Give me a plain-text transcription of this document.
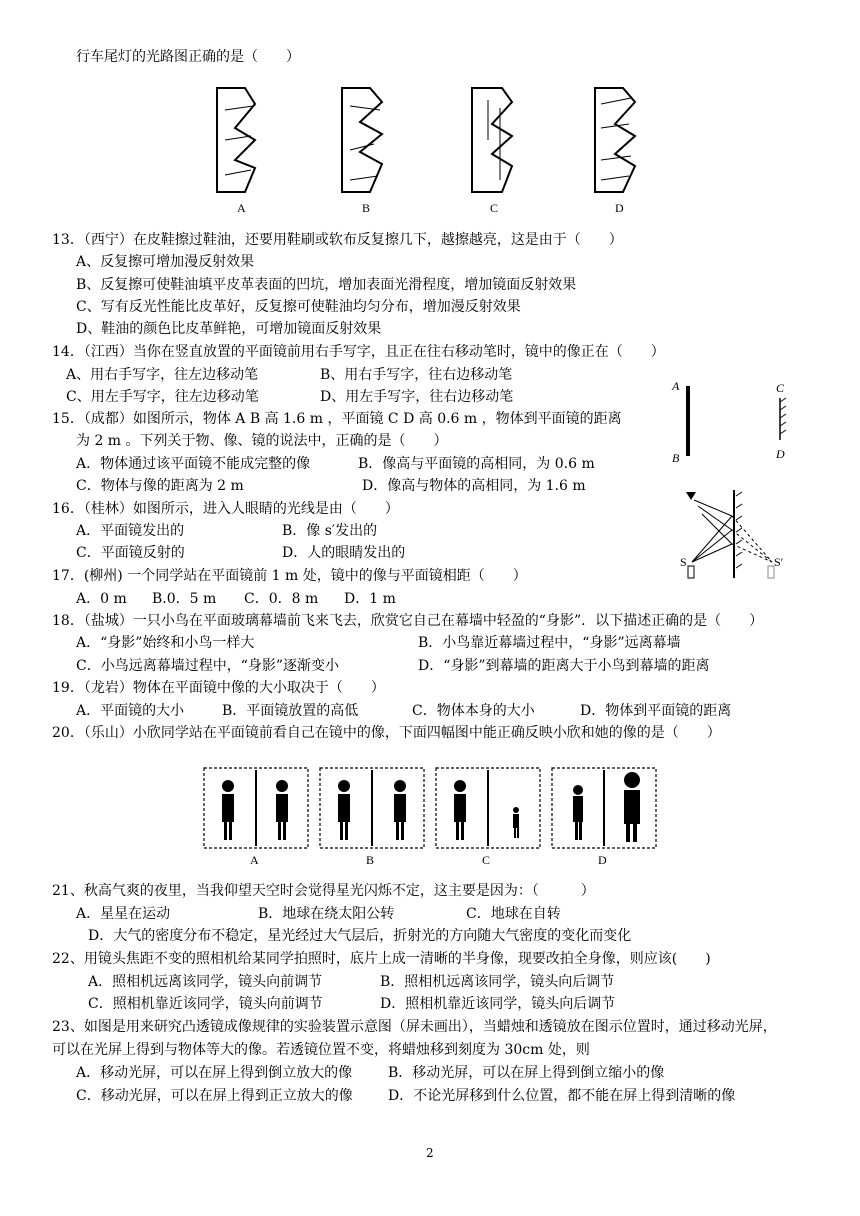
行车尾灯的光路图正确的是（　　）
A	B	C	D
13．（西宁）在皮鞋擦过鞋油，还要用鞋刷或软布反复擦几下，越擦越亮，这是由于（　　）
A、反复擦可增加漫反射效果
B、反复擦可使鞋油填平皮革表面的凹坑，增加表面光滑程度，增加镜面反射效果
C、写有反光性能比皮革好，反复擦可使鞋油均匀分布，增加漫反射效果
D、鞋油的颜色比皮革鲜艳，可增加镜面反射效果
14．（江西）当你在竖直放置的平面镜前用右手写字，且正在往右移动笔时，镜中的像正在（　　）
A、用右手写字，往左边移动笔	B、用右手写字，往右边移动笔
C、用左手写字，往左边移动笔	D、用左手写字，往右边移动笔
A
B
C
D
15．（成都）如图所示，物体 A B 高 1.6 m ，平面镜 C D 高 0.6 m ，物体到平面镜的距离
为 2 m 。下列关于物、像、镜的说法中，正确的是（　　）
A．物体通过该平面镜不能成完整的像	B．像高与平面镜的高相同，为 0.6 m
C．物体与像的距离为 2 m	D．像高与物体的高相同，为 1.6 m
S	S′
16．（桂林）如图所示，进入人眼睛的光线是由（　　）
A．平面镜发出的	B．像 s′发出的
C．平面镜反射的	D．人的眼睛发出的
17．(柳州) 一个同学站在平面镜前 1 m 处，镜中的像与平面镜相距（　　）
A．0 m B.0．5 m C．0．8 m D．1 m
18．（盐城）一只小鸟在平面玻璃幕墙前飞来飞去，欣赏它自己在幕墙中轻盈的“身影”．以下描述正确的是（　　）
A．“身影”始终和小鸟一样大	B．小鸟靠近幕墙过程中，“身影”远离幕墙
C．小鸟远离幕墙过程中，“身影”逐渐变小	D．“身影”到幕墙的距离大于小鸟到幕墙的距离
19．（龙岩）物体在平面镜中像的大小取决于（　　）
A．平面镜的大小	B．平面镜放置的高低	C．物体本身的大小	D．物体到平面镜的距离
20．（乐山）小欣同学站在平面镜前看自己在镜中的像，下面四幅图中能正确反映小欣和她的像的是（　　）
A	B	C	D
21、秋高气爽的夜里，当我仰望天空时会觉得星光闪烁不定，这主要是因为：（　　　）
A．星星在运动	B．地球在绕太阳公转	C．地球在自转
D．大气的密度分布不稳定，星光经过大气层后，折射光的方向随大气密度的变化而变化
22、用镜头焦距不变的照相机给某同学拍照时，底片上成一清晰的半身像，现要改拍全身像，则应该(　　)
A．照相机远离该同学，镜头向前调节	B．照相机远离该同学，镜头向后调节
C．照相机靠近该同学，镜头向前调节	D．照相机靠近该同学，镜头向后调节
23、如图是用来研究凸透镜成像规律的实验装置示意图（屏未画出），当蜡烛和透镜放在图示位置时，通过移动光屏，
可以在光屏上得到与物体等大的像。若透镜位置不变，将蜡烛移到刻度为 30cm 处，则
A．移动光屏，可以在屏上得到倒立放大的像	B．移动光屏，可以在屏上得到倒立缩小的像
C．移动光屏，可以在屏上得到正立放大的像	D．不论光屏移到什么位置，都不能在屏上得到清晰的像
2
